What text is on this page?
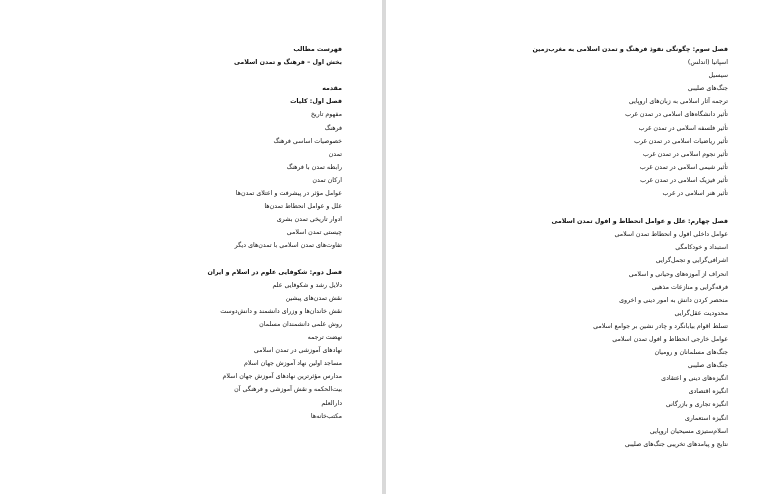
فهرست مطالب
بخش اول – فرهنگ و تمدن اسلامی
مقدمه
فصل اول: کلیات
مفهوم تاریخ
فرهنگ
خصوصیات اساسی فرهنگ
تمدن
رابطه تمدن با فرهنگ
ارکان تمدن
عوامل مؤثر در پیشرفت و اعتلای تمدن‌ها
علل و عوامل انحطاط تمدن‌ها
ادوار تاریخی تمدن بشری
چیستی تمدن اسلامی
تفاوت‌های تمدن اسلامی با تمدن‌های دیگر
فصل دوم: شکوفایی علوم در اسلام و ایران
دلایل رشد و شکوفایی علم
نقش تمدن‌های پیشین
نقش خاندان‌ها و وزرای دانشمند و دانش‌دوست
روش علمی دانشمندان مسلمان
نهضت ترجمه
نهادهای آموزشی در تمدن اسلامی
مساجد اولین نهاد آموزش جهان اسلام
مدارس مؤثرترین نهادهای آموزش جهان اسلام
بیت‌الحکمه و نقش آموزشی و فرهنگی آن
دارالعلم
مکتب‌خانه‌ها
فصل سوم: چگونگی نفوذ فرهنگ و تمدن اسلامی به مغرب‌زمین
اسپانیا (اندلس)
سیسیل
جنگ‌های صلیبی
ترجمه آثار اسلامی به زبان‌های اروپایی
تأثیر دانشگاه‌های اسلامی در تمدن غرب
تأثیر فلسفه اسلامی در تمدن غرب
تأثیر ریاضیات اسلامی در تمدن غرب
تأثیر نجوم اسلامی در تمدن غرب
تأثیر شیمی اسلامی در تمدن غرب
تأثیر فیزیک اسلامی در تمدن غرب
تأثیر هنر اسلامی در غرب
فصل چهارم: علل و عوامل انحطاط و افول تمدن اسلامی
عوامل داخلی افول و انحطاط تمدن اسلامی
استبداد و خودکامگی
اشرافی‌گرایی و تجمل‌گرایی
انحراف از آموزه‌های وحیانی و اسلامی
فرقه‌گرایی و منازعات مذهبی
منحصر کردن دانش به امور دینی و اخروی
محدودیت عقل‌گرایی
تسلط اقوام بیابانگرد و چادر نشین بر جوامع اسلامی
عوامل خارجی انحطاط و افول تمدن اسلامی
جنگ‌های مسلمانان و رومیان
جنگ‌های صلیبی
انگیزه‌های دینی و اعتقادی
انگیزه اقتصادی
انگیزه تجاری و بازرگانی
انگیزه استعماری
اسلام‌ستیزی مسیحیان اروپایی
نتایج و پیامدهای تخریبی جنگ‌های صلیبی
